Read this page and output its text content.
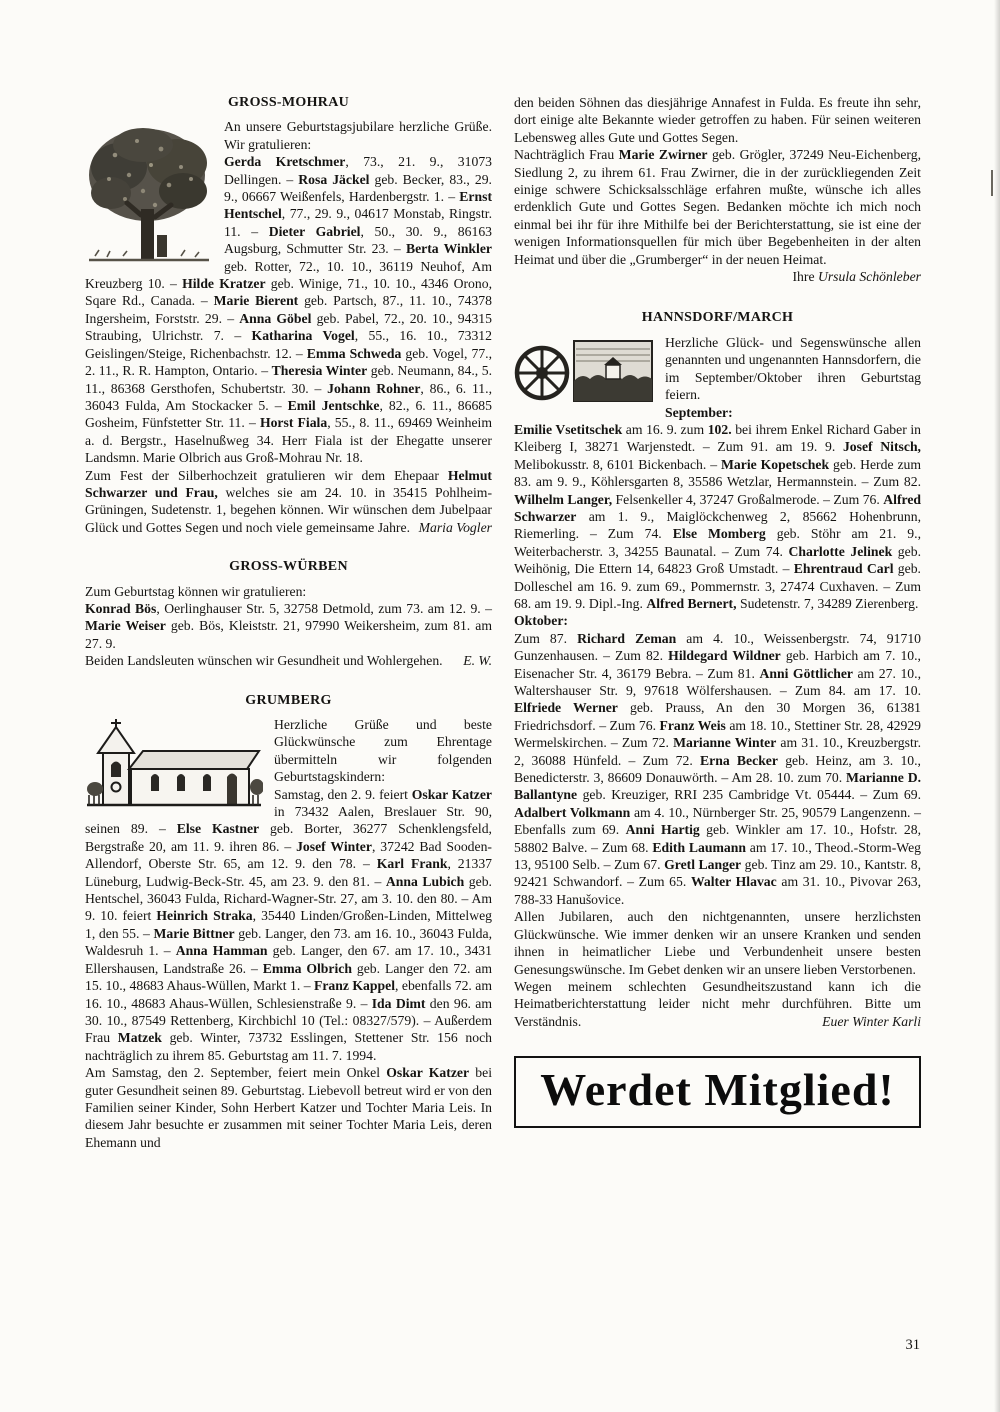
GROSS-MOHRAU

An unsere Geburtstagsjubilare herzliche Grüße. Wir gratulieren:

Gerda Kretschmer, 73., 21. 9., 31073 Dellingen. – Rosa Jäckel geb. Becker, 83., 29. 9., 06667 Weißenfels, Hardenbergstr. 1. – Ernst Hentschel, 77., 29. 9., 04617 Monstab, Ringstr. 11. – Dieter Gabriel, 50., 30. 9., 86163 Augsburg, Schmutter Str. 23. – Berta Winkler geb. Rotter, 72., 10. 10., 36119 Neuhof, Am Kreuzberg 10. – Hilde Kratzer geb. Winige, 71., 10. 10., 4346 Orono, Sqare Rd., Canada. – Marie Bierent geb. Partsch, 87., 11. 10., 74378 Ingersheim, Forststr. 29. – Anna Göbel geb. Pabel, 72., 20. 10., 94315 Straubing, Ulrichstr. 7. – Katharina Vogel, 55., 16. 10., 73312 Geislingen/Steige, Richenbachstr. 12. – Emma Schweda geb. Vogel, 77., 2. 11., R. R. Hampton, Ontario. – Theresia Winter geb. Neumann, 84., 5. 11., 86368 Gersthofen, Schubertstr. 30. – Johann Rohner, 86., 6. 11., 36043 Fulda, Am Stockacker 5. – Emil Jentschke, 82., 6. 11., 86685 Gosheim, Fünfstetter Str. 11. – Horst Fiala, 55., 8. 11., 69469 Weinheim a. d. Bergstr., Haselnußweg 34. Herr Fiala ist der Ehegatte unserer Landsmn. Marie Olbrich aus Groß-Mohrau Nr. 18.

Zum Fest der Silberhochzeit gratulieren wir dem Ehepaar Helmut Schwarzer und Frau, welches sie am 24. 10. in 35415 Pohlheim-Grüningen, Sudetenstr. 1, begehen können. Wir wünschen dem Jubelpaar Glück und Gottes Segen und noch viele gemeinsame Jahre. Maria Vogler

GROSS-WÜRBEN

Zum Geburtstag können wir gratulieren:

Konrad Bös, Oerlinghauser Str. 5, 32758 Detmold, zum 73. am 12. 9. – Marie Weiser geb. Bös, Kleiststr. 21, 97990 Weikersheim, zum 81. am 27. 9.

Beiden Landsleuten wünschen wir Gesundheit und Wohlergehen. E. W.

GRUMBERG

Herzliche Grüße und beste Glückwünsche zum Ehrentage übermitteln wir folgenden Geburtstagskindern:

Samstag, den 2. 9. feiert Oskar Katzer in 73432 Aalen, Breslauer Str. 90, seinen 89. – Else Kastner geb. Borter, 36277 Schenklengsfeld, Bergstraße 20, am 11. 9. ihren 86. – Josef Winter, 37242 Bad Sooden-Allendorf, Oberste Str. 65, am 12. 9. den 78. – Karl Frank, 21337 Lüneburg, Ludwig-Beck-Str. 45, am 23. 9. den 81. – Anna Lubich geb. Hentschel, 36043 Fulda, Richard-Wagner-Str. 27, am 3. 10. den 80. – Am 9. 10. feiert Heinrich Straka, 35440 Linden/Großen-Linden, Mittelweg 1, den 55. – Marie Bittner geb. Langer, den 73. am 16. 10., 36043 Fulda, Waldesruh 1. – Anna Hamman geb. Langer, den 67. am 17. 10., 3431 Ellershausen, Landstraße 26. – Emma Olbrich geb. Langer den 72. am 15. 10., 48683 Ahaus-Wüllen, Markt 1. – Franz Kappel, ebenfalls 72. am 16. 10., 48683 Ahaus-Wüllen, Schlesienstraße 9. – Ida Dimt den 96. am 30. 10., 87549 Rettenberg, Kirchbichl 10 (Tel.: 08327/579). – Außerdem Frau Matzek geb. Winter, 73732 Esslingen, Stettener Str. 156 noch nachträglich zu ihrem 85. Geburtstag am 11. 7. 1994.

Am Samstag, den 2. September, feiert mein Onkel Oskar Katzer bei guter Gesundheit seinen 89. Geburtstag. Liebevoll betreut wird er von den Familien seiner Kinder, Sohn Herbert Katzer und Tochter Maria Leis. In diesem Jahr besuchte er zusammen mit seiner Tochter Maria Leis, deren Ehemann und

den beiden Söhnen das diesjährige Annafest in Fulda. Es freute ihn sehr, dort einige alte Bekannte wieder getroffen zu haben. Für seinen weiteren Lebensweg alles Gute und Gottes Segen.

Nachträglich Frau Marie Zwirner geb. Grögler, 37249 Neu-Eichenberg, Siedlung 2, zu ihrem 61. Frau Zwirner, die in der zurückliegenden Zeit einige schwere Schicksalsschläge erfahren mußte, wünsche ich alles erdenklich Gute und Gottes Segen. Bedanken möchte ich mich noch einmal bei ihr für ihre Mithilfe bei der Berichterstattung, sie ist eine der wenigen Informationsquellen für mich über Begebenheiten in der alten Heimat und über die „Grumberger“ in der neuen Heimat.

Ihre Ursula Schönleber

HANNSDORF/MARCH

Herzliche Glück- und Segenswünsche allen genannten und ungenannten Hannsdorfern, die im September/Oktober ihren Geburtstag feiern.

September:

Emilie Vsetitschek am 16. 9. zum 102. bei ihrem Enkel Richard Gaber in Kleiberg I, 38271 Warjenstedt. – Zum 91. am 19. 9. Josef Nitsch, Melibokusstr. 8, 6101 Bickenbach. – Marie Kopetschek geb. Herde zum 83. am 9. 9., Köhlersgarten 8, 35586 Wetzlar, Hermannstein. – Zum 82. Wilhelm Langer, Felsenkeller 4, 37247 Großalmerode. – Zum 76. Alfred Schwarzer am 1. 9., Maiglöckchenweg 2, 85662 Hohenbrunn, Riemerling. – Zum 74. Else Momberg geb. Stöhr am 21. 9., Weiterbacherstr. 3, 34255 Baunatal. – Zum 74. Charlotte Jelinek geb. Weihönig, Die Ettern 14, 64823 Groß Umstadt. – Ehrentraud Carl geb. Dolleschel am 16. 9. zum 69., Pommernstr. 3, 27474 Cuxhaven. – Zum 68. am 19. 9. Dipl.-Ing. Alfred Bernert, Sudetenstr. 7, 34289 Zierenberg.

Oktober:

Zum 87. Richard Zeman am 4. 10., Weissenbergstr. 74, 91710 Gunzenhausen. – Zum 82. Hildegard Wildner geb. Harbich am 7. 10., Eisenacher Str. 4, 36179 Bebra. – Zum 81. Anni Göttlicher am 27. 10., Waltershauser Str. 9, 97618 Wölfershausen. – Zum 84. am 17. 10. Elfriede Werner geb. Prauss, An den 30 Morgen 36, 61381 Friedrichsdorf. – Zum 76. Franz Weis am 18. 10., Stettiner Str. 28, 42929 Wermelskirchen. – Zum 72. Marianne Winter am 31. 10., Kreuzbergstr. 2, 36088 Hünfeld. – Zum 72. Erna Becker geb. Heinz, am 3. 10., Benedicterstr. 3, 86609 Donauwörth. – Am 28. 10. zum 70. Marianne D. Ballantyne geb. Kreuziger, RRI 235 Cambridge Vt. 05444. – Zum 69. Adalbert Volkmann am 4. 10., Nürnberger Str. 25, 90579 Langenzenn. – Ebenfalls zum 69. Anni Hartig geb. Winkler am 17. 10., Hofstr. 28, 58802 Balve. – Zum 68. Edith Laumann am 17. 10., Theod.-Storm-Weg 13, 95100 Selb. – Zum 67. Gretl Langer geb. Tinz am 29. 10., Kantstr. 8, 92421 Schwandorf. – Zum 65. Walter Hlavac am 31. 10., Pivovar 263, 788-33 Hanušovice.

Allen Jubilaren, auch den nichtgenannten, unsere herzlichsten Glückwünsche. Wie immer denken wir an unsere Kranken und senden ihnen in heimatlicher Liebe und Verbundenheit unsere besten Genesungswünsche. Im Gebet denken wir an unsere lieben Verstorbenen.

Wegen meinem schlechten Gesundheitszustand kann ich die Heimatberichterstattung leider nicht mehr durchführen. Bitte um Verständnis.	Euer Winter Karli

Werdet Mitglied!
31
